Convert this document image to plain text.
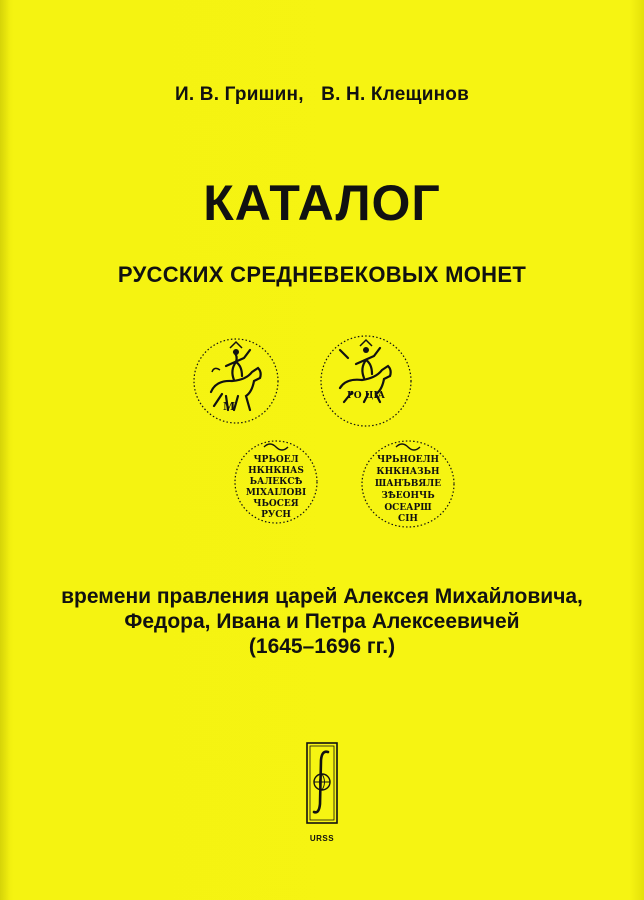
И. В. Гришин, В. Н. Клещинов
КАТАЛОГ
РУССКИХ СРЕДНЕВЕКОВЫХ МОНЕТ
М
РО ЦІА
ЧРЬОЕЛ
НКНКНАЅ
ЬАЛЕКСѢ
МІХАІЛОВІ
ЧЬОСЕЯ
РУСН
ЧРЬНОЕЛН
КНКНАЗЬН
ШАНЪВЯЛЕ
ЗѢЕОНЧЬ
ОСЕАРШ
СІН
времени правления царей Алексея Михайловича,
Федора, Ивана и Петра Алексеевичей
(1645–1696 гг.)
URSS
